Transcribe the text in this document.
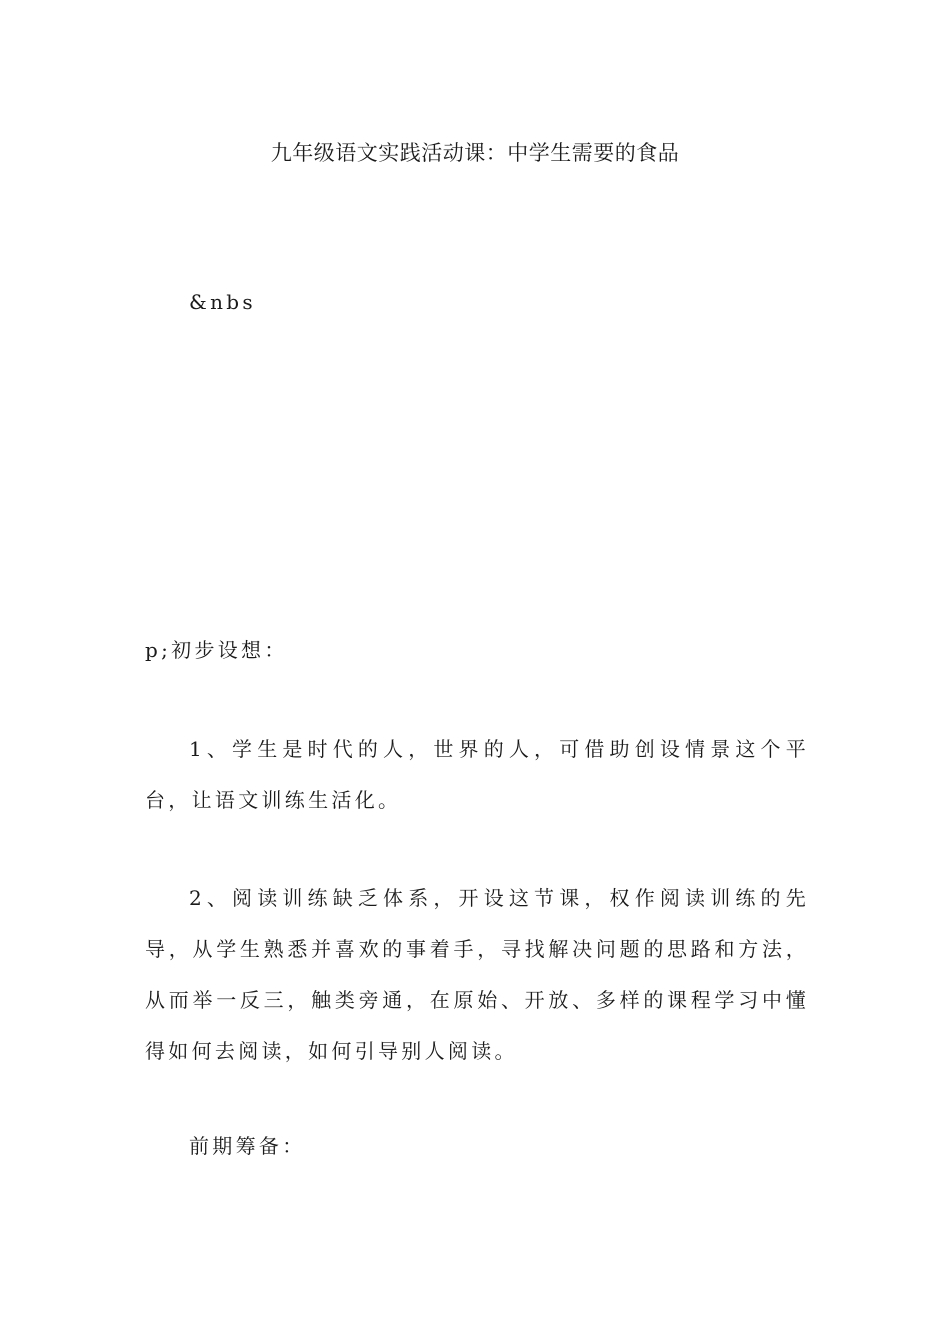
九年级语文实践活动课：中学生需要的食品

&nbs

p;初步设想：

1、学生是时代的人，世界的人，可借助创设情景这个平台，让语文训练生活化。

2、阅读训练缺乏体系，开设这节课，权作阅读训练的先导，从学生熟悉并喜欢的事着手，寻找解决问题的思路和方法，从而举一反三，触类旁通，在原始、开放、多样的课程学习中懂得如何去阅读，如何引导别人阅读。

前期筹备：
